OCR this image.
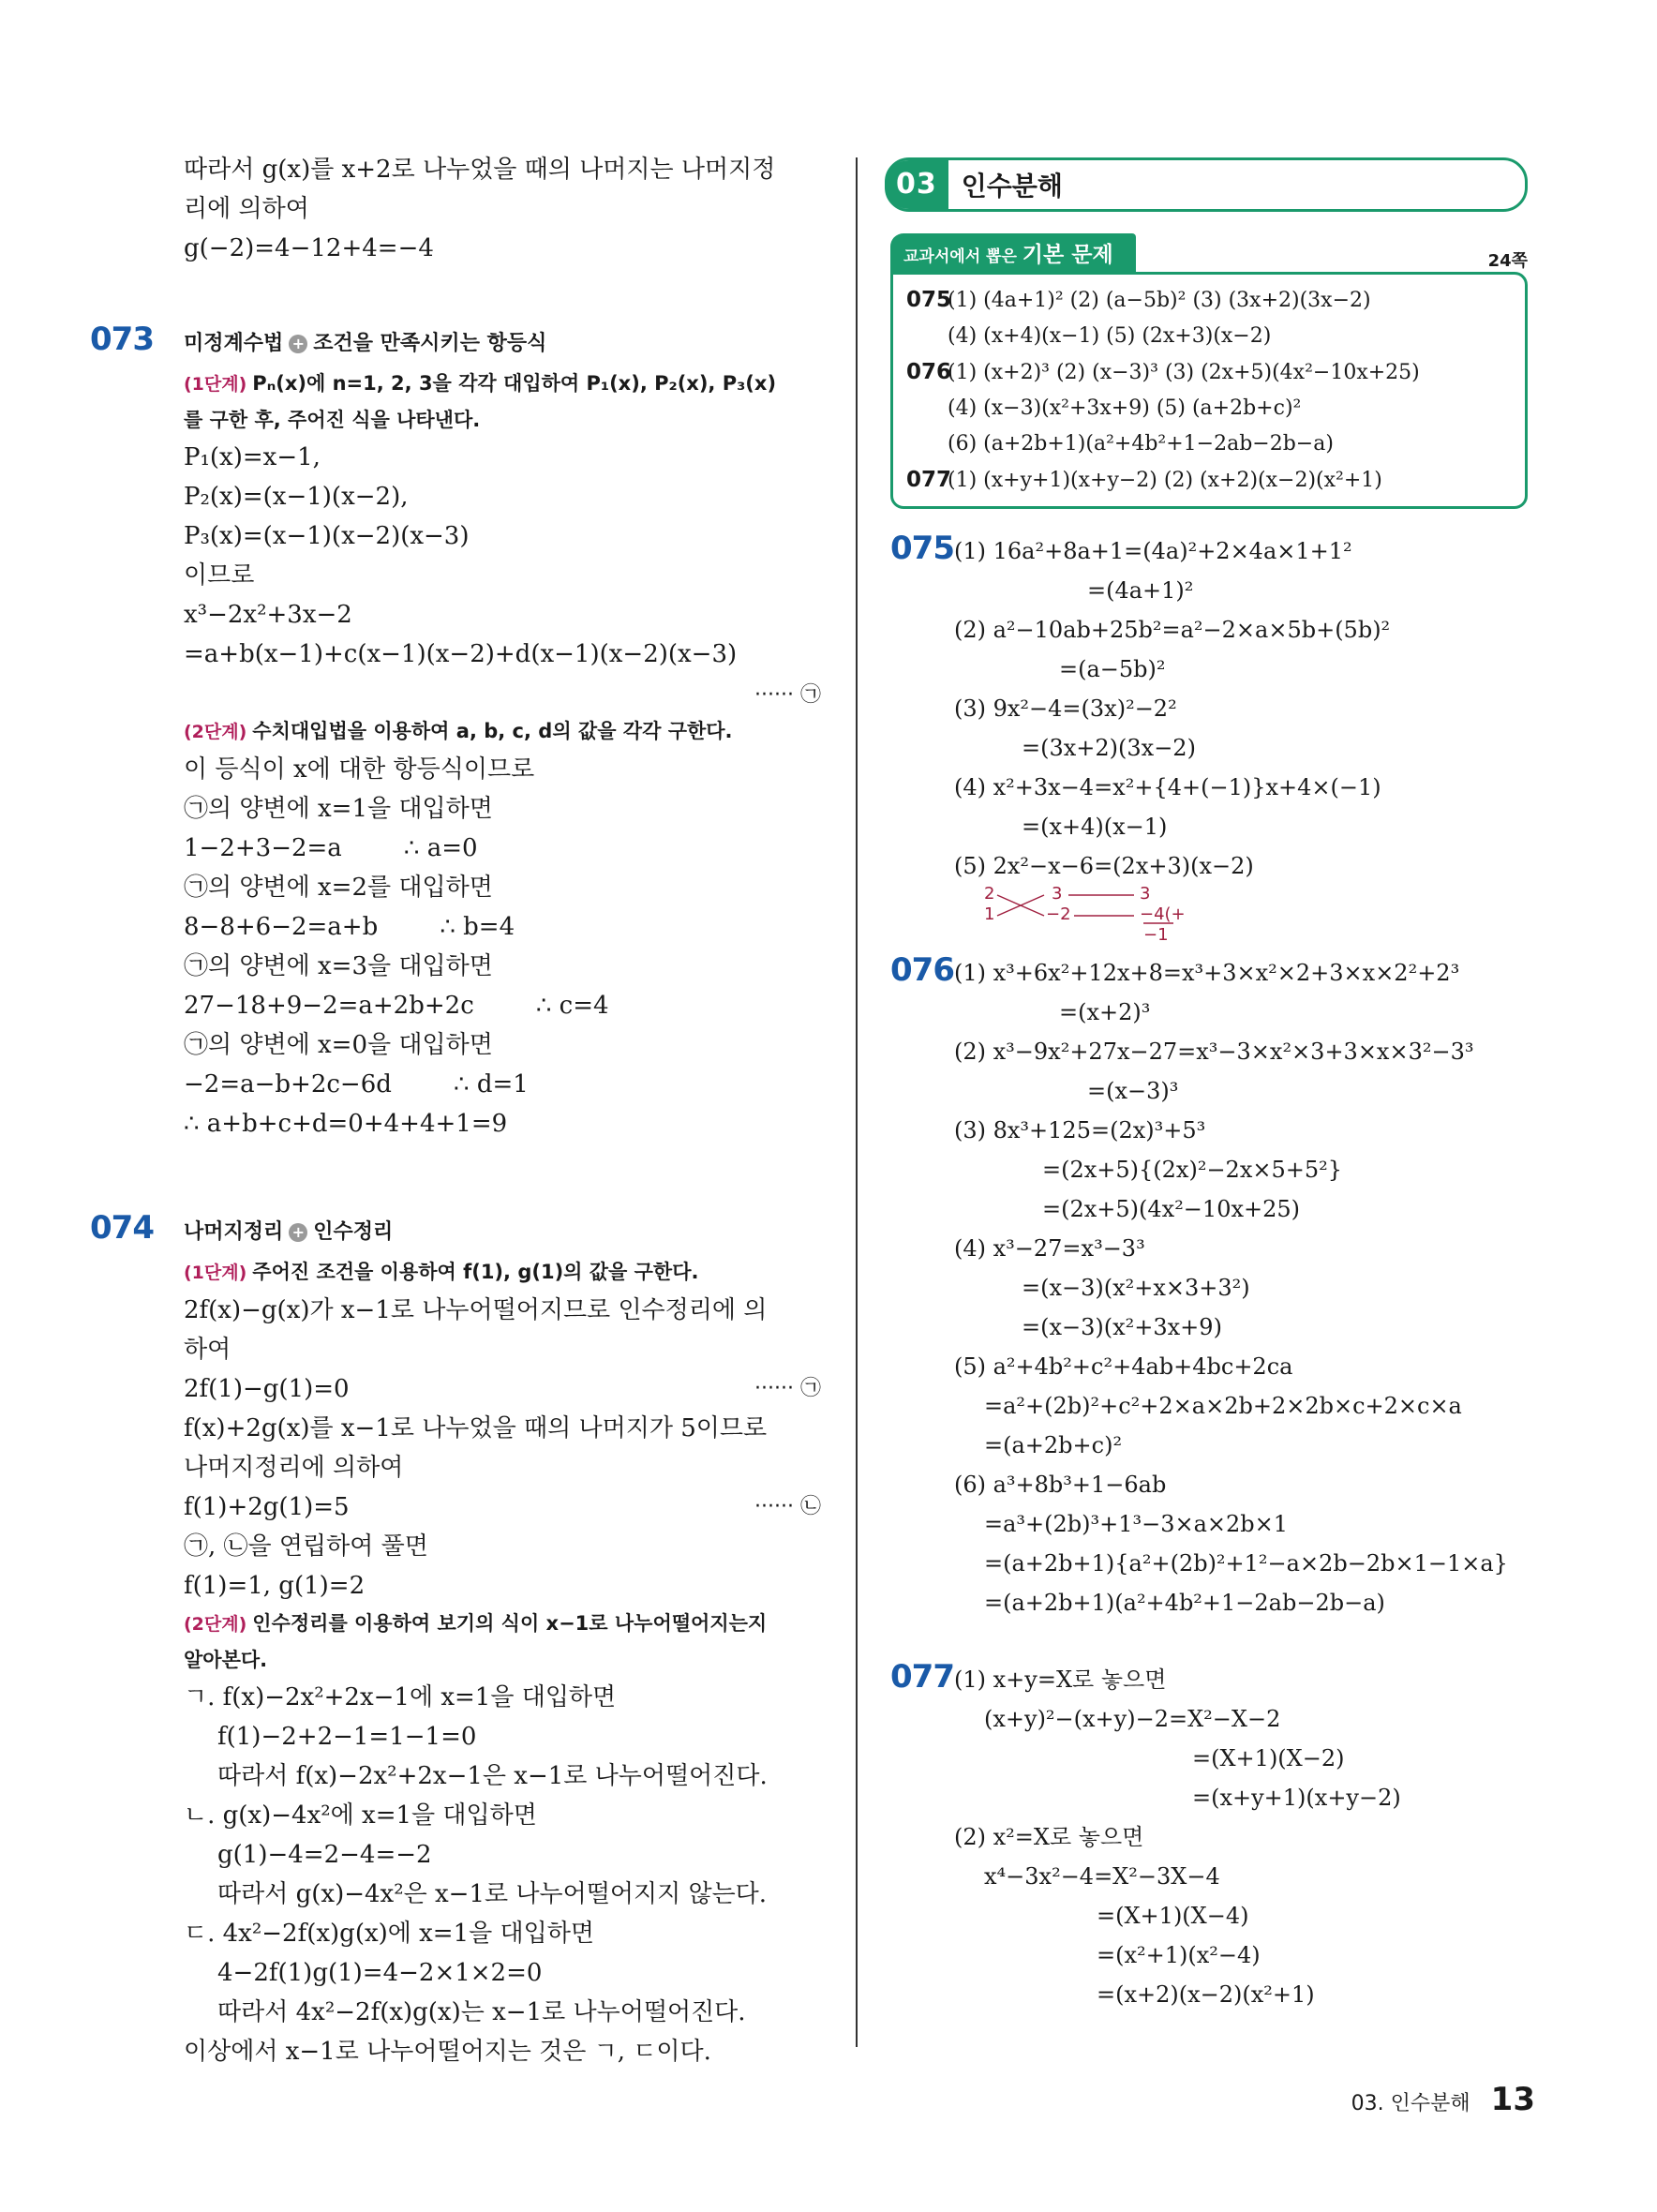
따라서 g(x)를 x+2로 나누었을 때의 나머지는 나머지정
리에 의하여
g(−2)=4−12+4=−4
073	미정계수법 + 조건을 만족시키는 항등식
(1단계) Pₙ(x)에 n=1, 2, 3을 각각 대입하여 P₁(x), P₂(x), P₃(x)
를 구한 후, 주어진 식을 나타낸다.
P₁(x)=x−1,
P₂(x)=(x−1)(x−2),
P₃(x)=(x−1)(x−2)(x−3)
이므로
x³−2x²+3x−2
=a+b(x−1)+c(x−1)(x−2)+d(x−1)(x−2)(x−3)
······ ㉠
(2단계) 수치대입법을 이용하여 a, b, c, d의 값을 각각 구한다.
이 등식이 x에 대한 항등식이므로
㉠의 양변에 x=1을 대입하면
1−2+3−2=a        ∴ a=0
㉠의 양변에 x=2를 대입하면
8−8+6−2=a+b        ∴ b=4
㉠의 양변에 x=3을 대입하면
27−18+9−2=a+2b+2c        ∴ c=4
㉠의 양변에 x=0을 대입하면
−2=a−b+2c−6d        ∴ d=1
∴ a+b+c+d=0+4+4+1=9
074	나머지정리 + 인수정리
(1단계) 주어진 조건을 이용하여 f(1), g(1)의 값을 구한다.
2f(x)−g(x)가 x−1로 나누어떨어지므로 인수정리에 의
하여
2f(1)−g(1)=0	······ ㉠
f(x)+2g(x)를 x−1로 나누었을 때의 나머지가 5이므로
나머지정리에 의하여
f(1)+2g(1)=5	······ ㉡
㉠, ㉡을 연립하여 풀면
f(1)=1, g(1)=2
(2단계) 인수정리를 이용하여 보기의 식이 x−1로 나누어떨어지는지
알아본다.
ㄱ. f(x)−2x²+2x−1에 x=1을 대입하면
f(1)−2+2−1=1−1=0
따라서 f(x)−2x²+2x−1은 x−1로 나누어떨어진다.
ㄴ. g(x)−4x²에 x=1을 대입하면
g(1)−4=2−4=−2
따라서 g(x)−4x²은 x−1로 나누어떨어지지 않는다.
ㄷ. 4x²−2f(x)g(x)에 x=1을 대입하면
4−2f(1)g(1)=4−2×1×2=0
따라서 4x²−2f(x)g(x)는 x−1로 나누어떨어진다.
이상에서 x−1로 나누어떨어지는 것은 ㄱ, ㄷ이다.
03 인수분해
교과서에서 뽑은 기본 문제	24쪽
075(1) (4a+1)² (2) (a−5b)² (3) (3x+2)(3x−2)
(4) (x+4)(x−1) (5) (2x+3)(x−2)
076(1) (x+2)³ (2) (x−3)³ (3) (2x+5)(4x²−10x+25)
(4) (x−3)(x²+3x+9) (5) (a+2b+c)²
(6) (a+2b+1)(a²+4b²+1−2ab−2b−a)
077(1) (x+y+1)(x+y−2) (2) (x+2)(x−2)(x²+1)
075 (1) 16a²+8a+1=(4a)²+2×4a×1+1²
=(4a+1)²
(2) a²−10ab+25b²=a²−2×a×5b+(5b)²
=(a−5b)²
(3) 9x²−4=(3x)²−2²
=(3x+2)(3x−2)
(4) x²+3x−4=x²+{4+(−1)}x+4×(−1)
=(x+4)(x−1)
(5) 2x²−x−6=(2x+3)(x−2)
2	3	3
1	−2	−4(+
−1
076 (1) x³+6x²+12x+8=x³+3×x²×2+3×x×2²+2³
=(x+2)³
(2) x³−9x²+27x−27=x³−3×x²×3+3×x×3²−3³
=(x−3)³
(3) 8x³+125=(2x)³+5³
=(2x+5){(2x)²−2x×5+5²}
=(2x+5)(4x²−10x+25)
(4) x³−27=x³−3³
=(x−3)(x²+x×3+3²)
=(x−3)(x²+3x+9)
(5) a²+4b²+c²+4ab+4bc+2ca
=a²+(2b)²+c²+2×a×2b+2×2b×c+2×c×a
=(a+2b+c)²
(6) a³+8b³+1−6ab
=a³+(2b)³+1³−3×a×2b×1
=(a+2b+1){a²+(2b)²+1²−a×2b−2b×1−1×a}
=(a+2b+1)(a²+4b²+1−2ab−2b−a)
077 (1) x+y=X로 놓으면
(x+y)²−(x+y)−2=X²−X−2
=(X+1)(X−2)
=(x+y+1)(x+y−2)
(2) x²=X로 놓으면
x⁴−3x²−4=X²−3X−4
=(X+1)(X−4)
=(x²+1)(x²−4)
=(x+2)(x−2)(x²+1)
03. 인수분해 13
